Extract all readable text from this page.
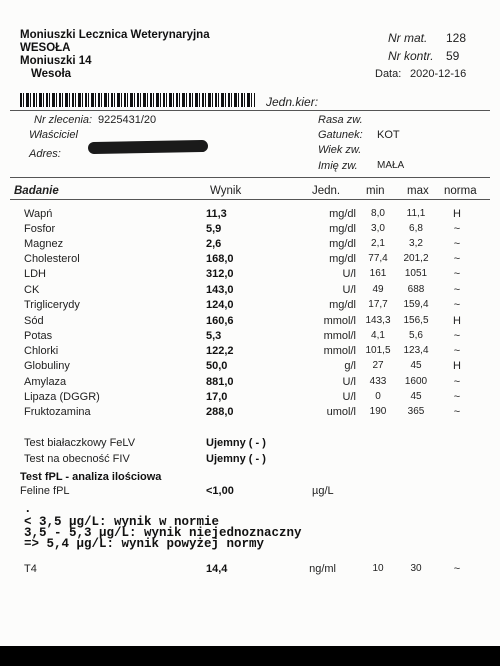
Moniuszki Lecznica Weterynaryjna
WESOŁA
Moniuszki 14
Wesoła
Nr mat. 128
Nr kontr. 59
Data: 2020-12-16
Jedn.kier:
Nr zlecenia: 9225431/20
Właściciel
Adres:
Rasa zw.
Gatunek: KOT
Wiek zw.
Imię zw. MAŁA
Badanie	Wynik	Jedn. min max norma
Wapń	11,3	mg/dl	8,0	11,1	H
Fosfor	5,9	mg/dl	3,0	6,8	~
Magnez	2,6	mg/dl	2,1	3,2	~
Cholesterol	168,0	mg/dl	77,4	201,2	~
LDH	312,0	U/l	161	1051	~
CK	143,0	U/l	49	688	~
Triglicerydy	124,0	mg/dl	17,7	159,4	~
Sód	160,6	mmol/l 143,3	156,5	H
Potas	5,3	mmol/l	4,1	5,6	~
Chlorki	122,2	mmol/l 101,5	123,4	~
Globuliny	50,0	g/l	27	45	H
Amylaza	881,0	U/l	433	1600	~
Lipaza (DGGR)	17,0	U/l	0	45	~
Fruktozamina	288,0	umol/l	190	365	~
Test białaczkowy FeLV	Ujemny ( - )
Test na obecność FIV	Ujemny ( - )
Test fPL - analiza ilościowa
Feline fPL	<1,00	µg/L
.
< 3,5 µg/L: wynik w normie
3,5 - 5,3 µg/L: wynik niejednoznaczny
=> 5,4 µg/L: wynik powyżej normy
T4	14,4	ng/ml	10	30	~
